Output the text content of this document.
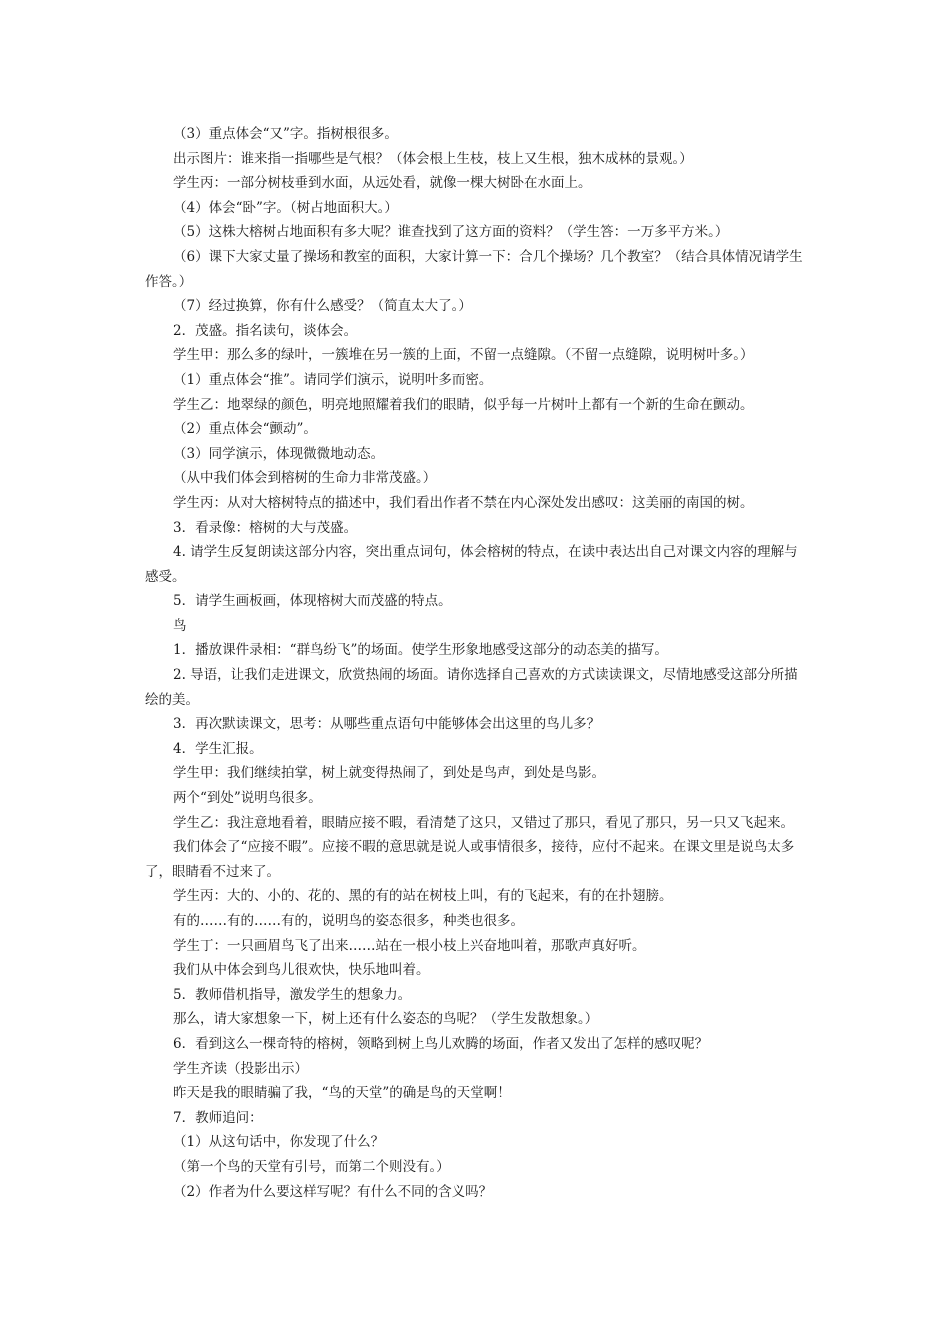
（3）重点体会“又”字。指树根很多。
出示图片：谁来指一指哪些是气根？（体会根上生枝，枝上又生根，独木成林的景观。）
学生丙：一部分树枝垂到水面，从远处看，就像一棵大树卧在水面上。
（4）体会“卧”字。（树占地面积大。）
（5）这株大榕树占地面积有多大呢？谁查找到了这方面的资料？（学生答：一万多平方米。）
（6）课下大家丈量了操场和教室的面积，大家计算一下：合几个操场？几个教室？（结合具体情况请学生作答。）
（7）经过换算，你有什么感受？（简直太大了。）
2．茂盛。指名读句，谈体会。
学生甲：那么多的绿叶，一簇堆在另一簇的上面，不留一点缝隙。（不留一点缝隙，说明树叶多。）
（1）重点体会“推”。请同学们演示，说明叶多而密。
学生乙：地翠绿的颜色，明亮地照耀着我们的眼睛，似乎每一片树叶上都有一个新的生命在颤动。
（2）重点体会“颤动”。
（3）同学演示，体现微微地动态。
（从中我们体会到榕树的生命力非常茂盛。）
学生丙：从对大榕树特点的描述中，我们看出作者不禁在内心深处发出感叹：这美丽的南国的树。
3．看录像：榕树的大与茂盛。
4. 请学生反复朗读这部分内容，突出重点词句，体会榕树的特点，在读中表达出自己对课文内容的理解与感受。
5．请学生画板画，体现榕树大而茂盛的特点。
鸟
1．播放课件录相：“群鸟纷飞”的场面。使学生形象地感受这部分的动态美的描写。
2. 导语，让我们走进课文，欣赏热闹的场面。请你选择自己喜欢的方式读读课文，尽情地感受这部分所描绘的美。
3．再次默读课文，思考：从哪些重点语句中能够体会出这里的鸟儿多？
4．学生汇报。
学生甲：我们继续拍掌，树上就变得热闹了，到处是鸟声，到处是鸟影。
两个“到处”说明鸟很多。
学生乙：我注意地看着，眼睛应接不暇，看清楚了这只，又错过了那只，看见了那只，另一只又飞起来。
我们体会了“应接不暇”。应接不暇的意思就是说人或事情很多，接待，应付不起来。在课文里是说鸟太多了，眼睛看不过来了。
学生丙：大的、小的、花的、黑的有的站在树枝上叫，有的飞起来，有的在扑翅膀。
有的……有的……有的，说明鸟的姿态很多，种类也很多。
学生丁：一只画眉鸟飞了出来……站在一根小枝上兴奋地叫着，那歌声真好听。
我们从中体会到鸟儿很欢快，快乐地叫着。
5．教师借机指导，激发学生的想象力。
那么，请大家想象一下，树上还有什么姿态的鸟呢？（学生发散想象。）
6．看到这么一棵奇特的榕树，领略到树上鸟儿欢腾的场面，作者又发出了怎样的感叹呢？
学生齐读（投影出示）
昨天是我的眼睛骗了我，“鸟的天堂”的确是鸟的天堂啊！
7．教师追问：
（1）从这句话中，你发现了什么？
（第一个鸟的天堂有引号，而第二个则没有。）
（2）作者为什么要这样写呢？有什么不同的含义吗？
